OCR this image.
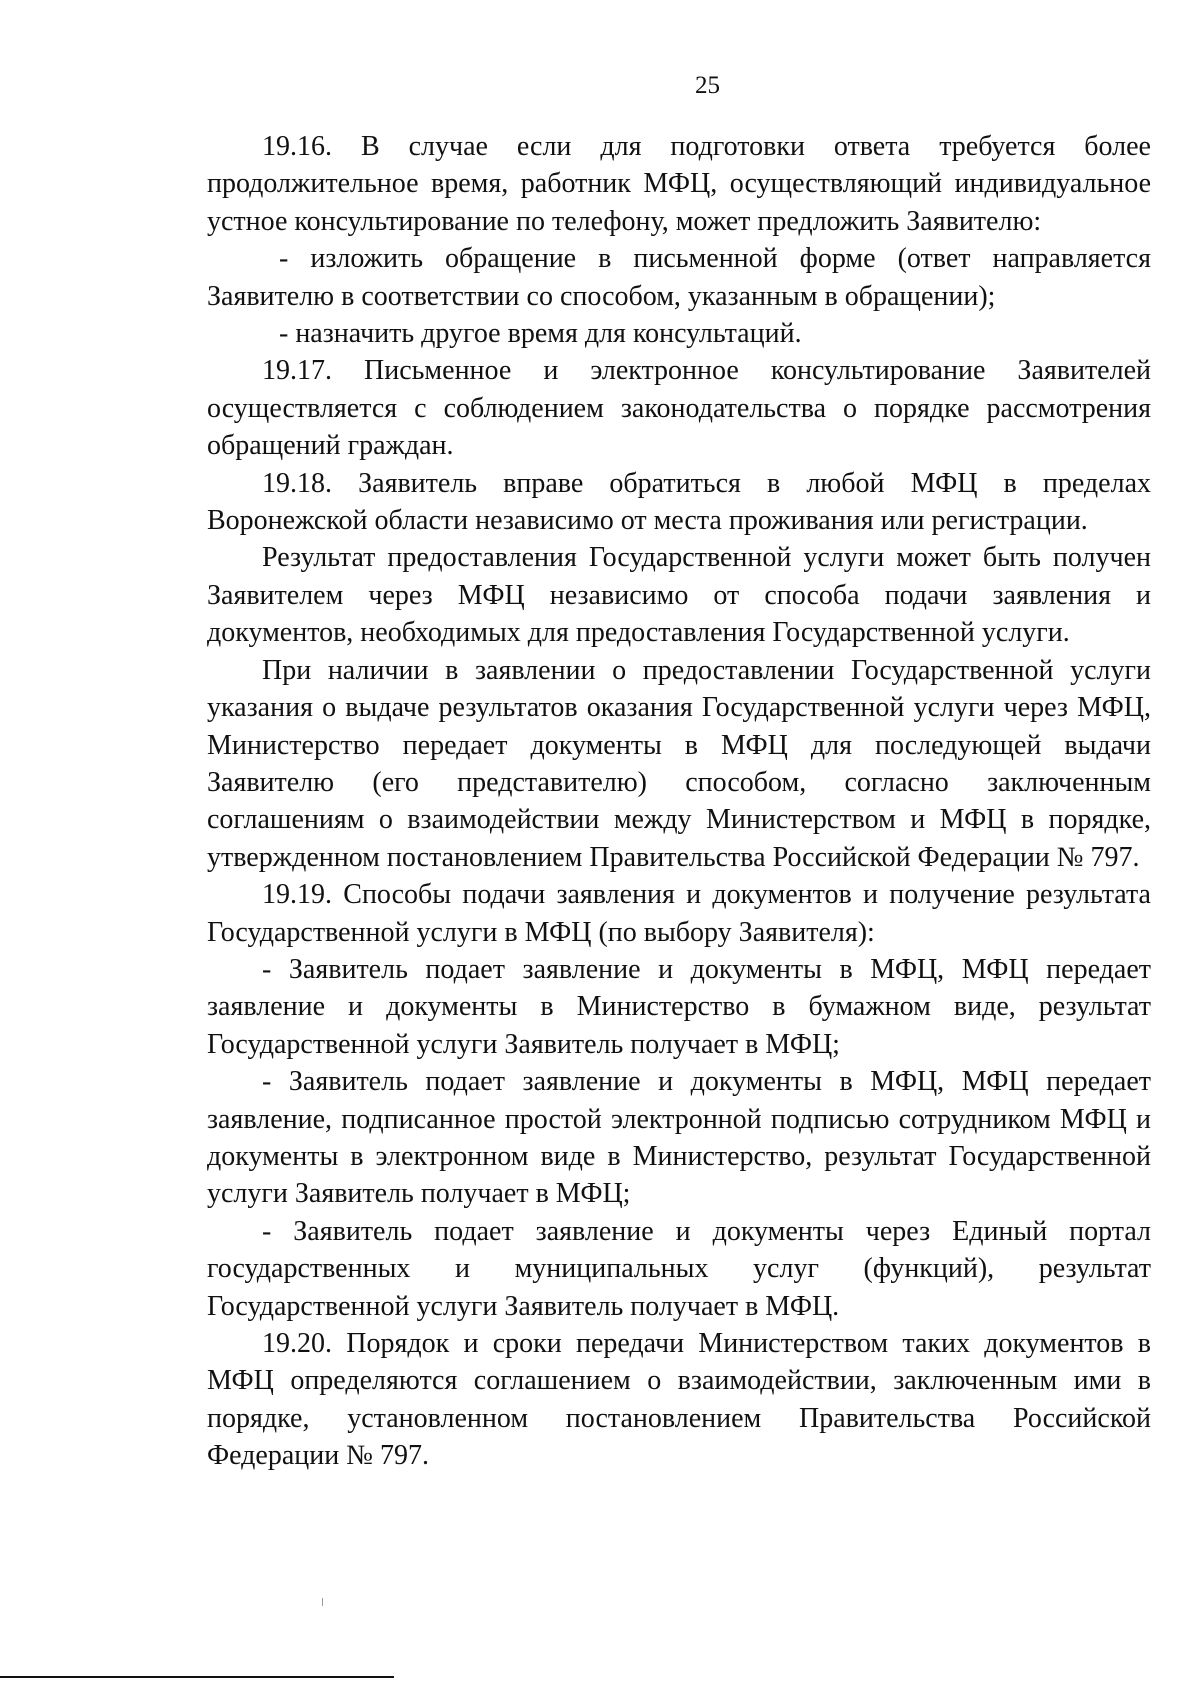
25

19.16. В случае если для подготовки ответа требуется более продолжительное время, работник МФЦ, осуществляющий индивидуальное устное консультирование по телефону, может предложить Заявителю:

- изложить обращение в письменной форме (ответ направляется Заявителю в соответствии со способом, указанным в обращении);

- назначить другое время для консультаций.

19.17. Письменное и электронное консультирование Заявителей осуществляется с соблюдением законодательства о порядке рассмотрения обращений граждан.

19.18. Заявитель вправе обратиться в любой МФЦ в пределах Воронежской области независимо от места проживания или регистрации.

Результат предоставления Государственной услуги может быть получен Заявителем через МФЦ независимо от способа подачи заявления и документов, необходимых для предоставления Государственной услуги.

При наличии в заявлении о предоставлении Государственной услуги указания о выдаче результатов оказания Государственной услуги через МФЦ, Министерство передает документы в МФЦ для последующей выдачи Заявителю (его представителю) способом, согласно заключенным соглашениям о взаимодействии между Министерством и МФЦ в порядке, утвержденном постановлением Правительства Российской Федерации № 797.

19.19. Способы подачи заявления и документов и получение результата Государственной услуги в МФЦ (по выбору Заявителя):

- Заявитель подает заявление и документы в МФЦ, МФЦ передает заявление и документы в Министерство в бумажном виде, результат Государственной услуги Заявитель получает в МФЦ;

- Заявитель подает заявление и документы в МФЦ, МФЦ передает заявление, подписанное простой электронной подписью сотрудником МФЦ и документы в электронном виде в Министерство, результат Государственной услуги Заявитель получает в МФЦ;

- Заявитель подает заявление и документы через Единый портал государственных и муниципальных услуг (функций), результат Государственной услуги Заявитель получает в МФЦ.

19.20. Порядок и сроки передачи Министерством таких документов в МФЦ определяются соглашением о взаимодействии, заключенным ими в порядке, установленном постановлением Правительства Российской Федерации № 797.
